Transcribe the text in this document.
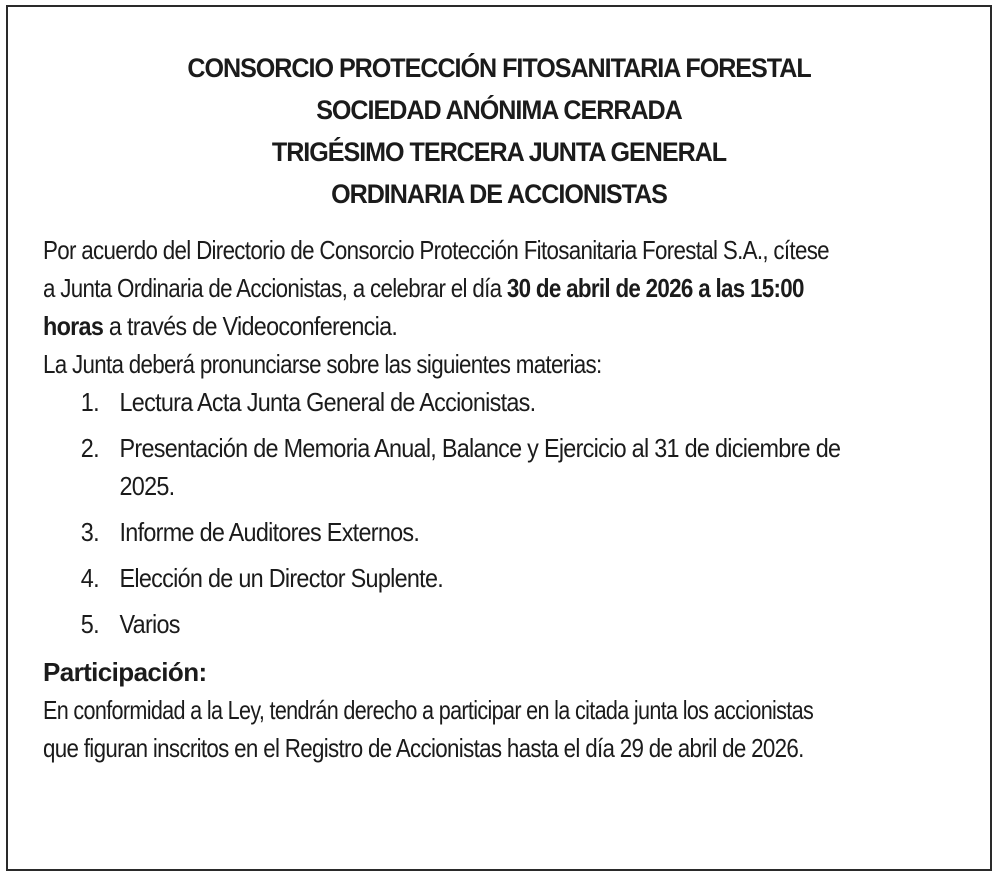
CONSORCIO PROTECCIÓN FITOSANITARIA FORESTAL
SOCIEDAD ANÓNIMA CERRADA
TRIGÉSIMO TERCERA JUNTA GENERAL
ORDINARIA DE ACCIONISTAS
Por acuerdo del Directorio de Consorcio Protección Fitosanitaria Forestal S.A., cítese
a Junta Ordinaria de Accionistas, a celebrar el día 30 de abril de 2026 a las 15:00
horas a través de Videoconferencia.
La Junta deberá pronunciarse sobre las siguientes materias:
1. Lectura Acta Junta General de Accionistas.
2. Presentación de Memoria Anual, Balance y Ejercicio al 31 de diciembre de
2025.
3. Informe de Auditores Externos.
4. Elección de un Director Suplente.
5. Varios
Participación:
En conformidad a la Ley, tendrán derecho a participar en la citada junta los accionistas
que figuran inscritos en el Registro de Accionistas hasta el día 29 de abril de 2026.
